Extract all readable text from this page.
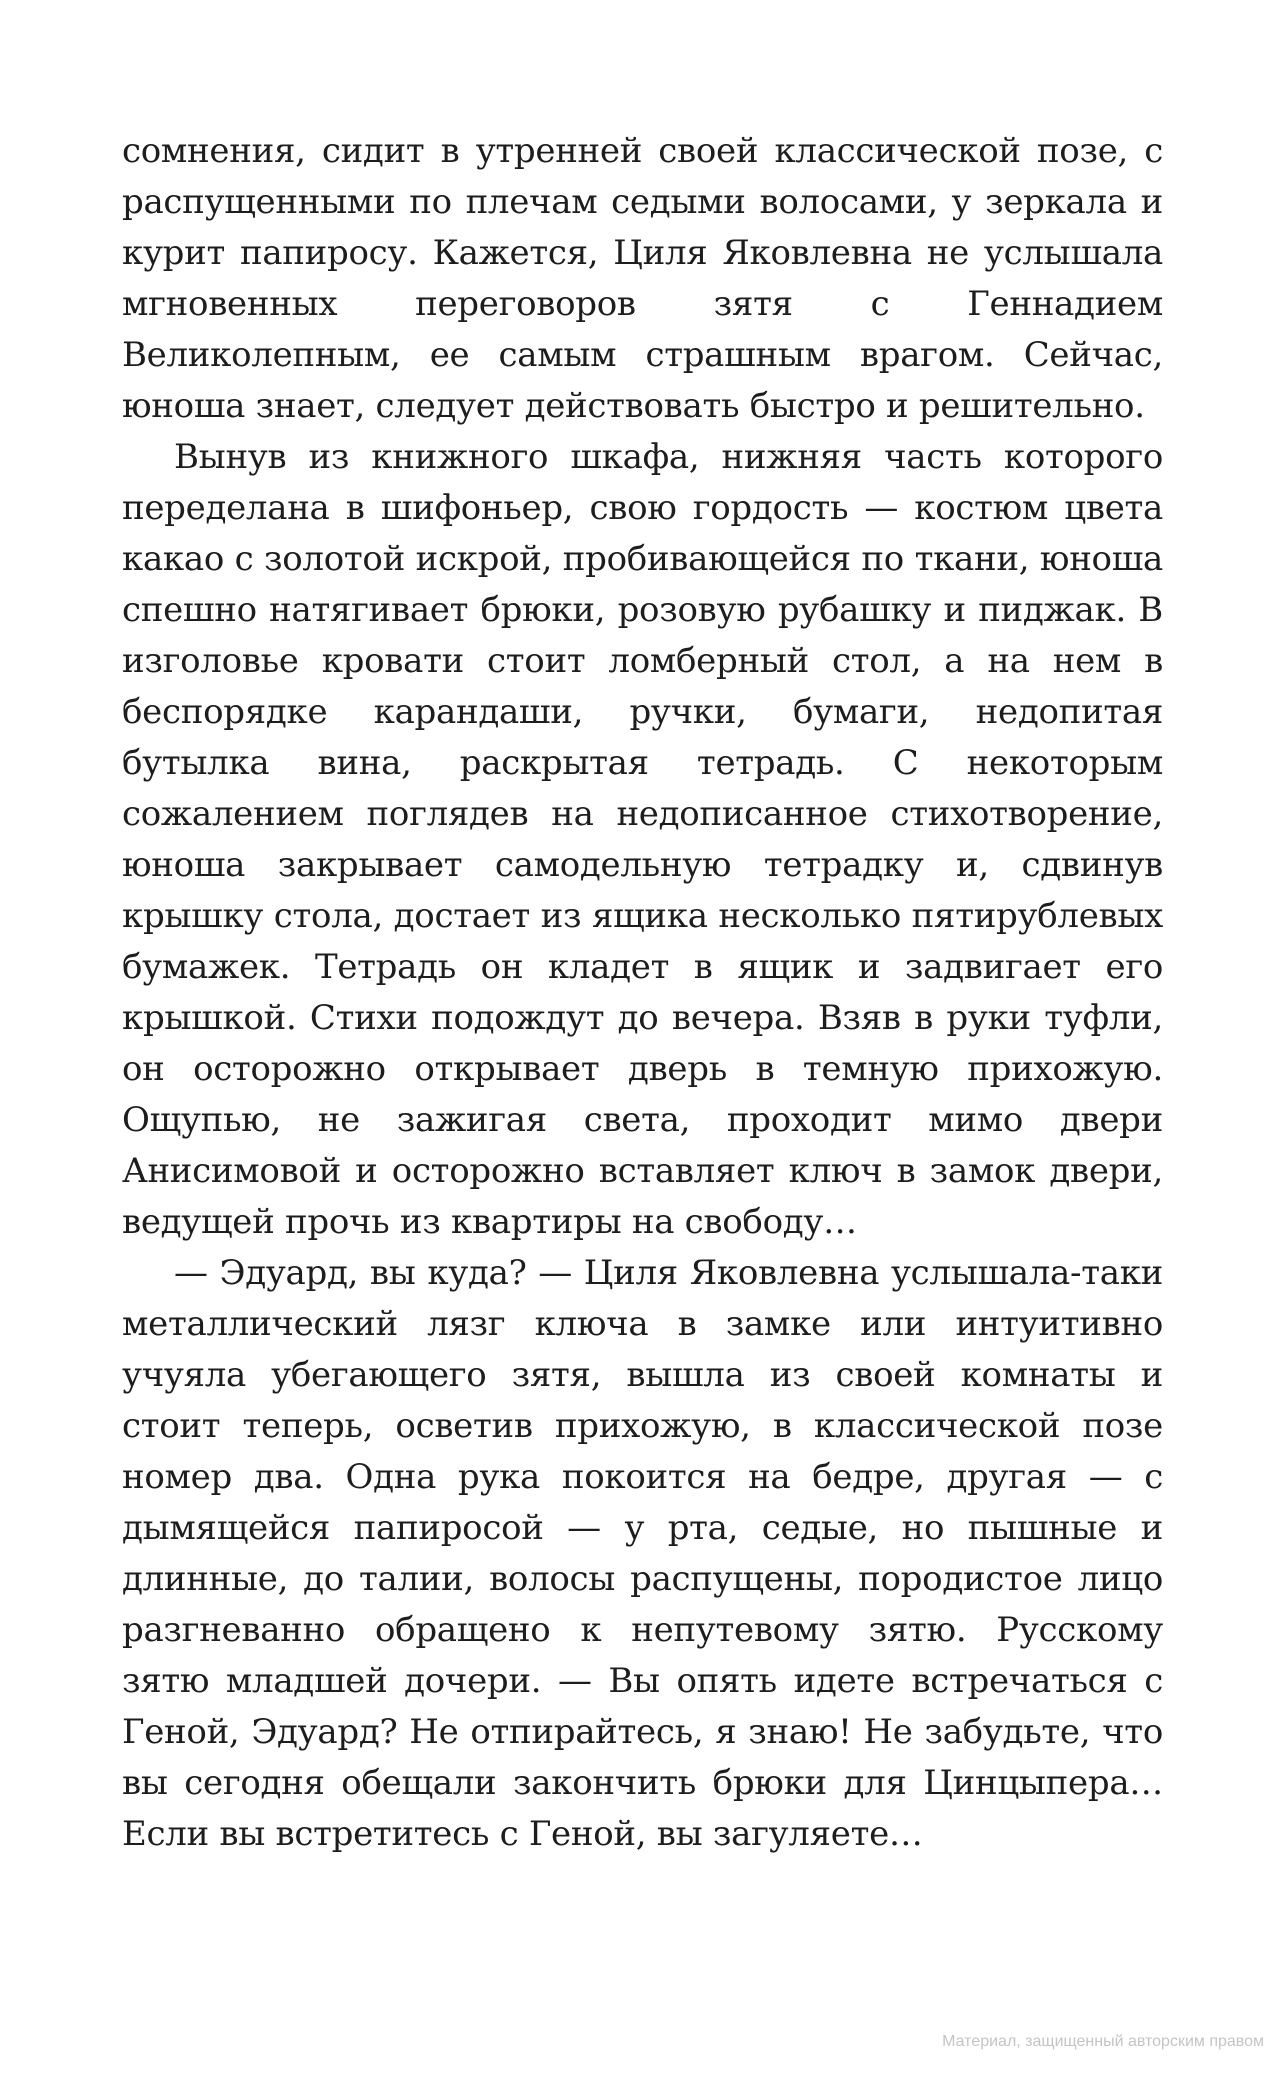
сомнения, сидит в утренней своей классической позе, с распущенными по плечам седыми волосами, у зеркала и курит папиросу. Кажется, Циля Яковлевна не услышала мгновенных переговоров зятя с Геннадием Великолепным, ее самым страшным врагом. Сейчас, юноша знает, следует действовать быстро и решительно.

Вынув из книжного шкафа, нижняя часть которого переделана в шифоньер, свою гордость — костюм цвета какао с золотой искрой, пробивающейся по ткани, юноша спешно натягивает брюки, розовую рубашку и пиджак. В изголовье кровати стоит ломберный стол, а на нем в беспорядке карандаши, ручки, бумаги, недопитая бутылка вина, раскрытая тетрадь. С некоторым сожалением поглядев на недописанное стихотворение, юноша закрывает самодельную тетрадку и, сдвинув крышку стола, достает из ящика несколько пятирублевых бумажек. Тетрадь он кладет в ящик и задвигает его крышкой. Стихи подождут до вечера. Взяв в руки туфли, он осторожно открывает дверь в темную прихожую. Ощупью, не зажигая света, проходит мимо двери Анисимовой и осторожно вставляет ключ в замок двери, ведущей прочь из квартиры на свободу…

— Эдуард, вы куда? — Циля Яковлевна услышала-таки металлический лязг ключа в замке или интуитивно учуяла убегающего зятя, вышла из своей комнаты и стоит теперь, осветив прихожую, в классической позе номер два. Одна рука покоится на бедре, другая — с дымящейся папиросой — у рта, седые, но пышные и длинные, до талии, волосы распущены, породистое лицо разгневанно обращено к непутевому зятю. Русскому зятю младшей дочери. — Вы опять идете встречаться с Геной, Эдуард? Не отпирайтесь, я знаю! Не забудьте, что вы сегодня обещали закончить брюки для Цинцыпера… Если вы встретитесь с Геной, вы загуляете…

Материал, защищенный авторским правом
